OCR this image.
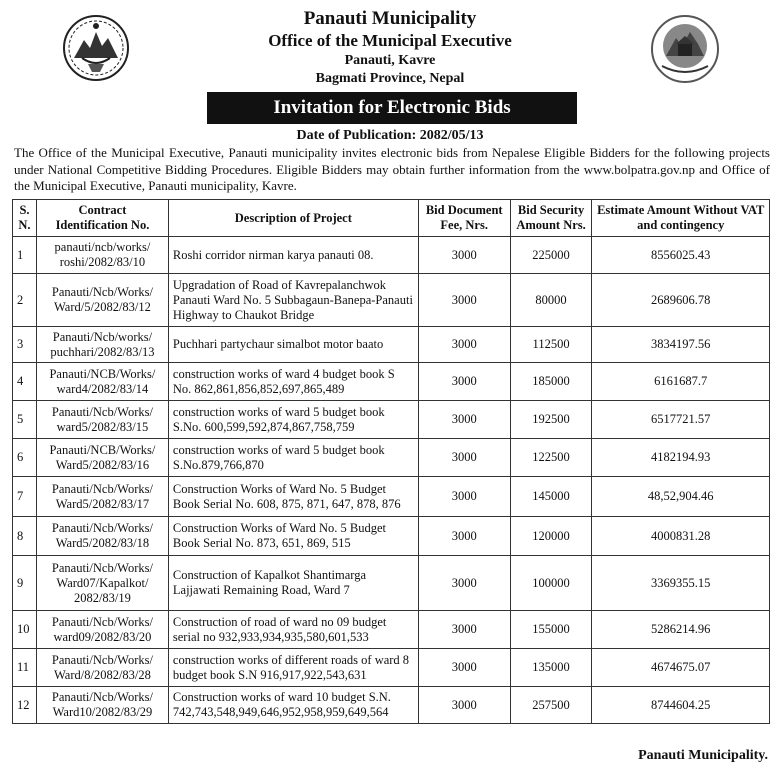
Panauti Municipality
Office of the Municipal Executive
Panauti, Kavre
Bagmati Province, Nepal
Invitation for Electronic Bids
Date of Publication: 2082/05/13
The Office of the Municipal Executive, Panauti municipality invites electronic bids from Nepalese Eligible Bidders for the following projects under National Competitive Bidding Procedures. Eligible Bidders may obtain further information from the www.bolpatra.gov.np and Office of the Municipal Executive, Panauti municipality, Kavre.
S. N.	Contract Identification No.	Description of Project	Bid Document Fee, Nrs.	Bid Security Amount Nrs.	Estimate Amount Without VAT and contingency
1	panauti/ncb/works/ roshi/2082/83/10	Roshi corridor nirman karya panauti 08.	3000	225000	8556025.43
2	Panauti/Ncb/Works/ Ward/5/2082/83/12	Upgradation of Road of Kavrepalanchwok Panauti Ward No. 5 Subbagaun-Banepa-Panauti Highway to Chaukot Bridge	3000	80000	2689606.78
3	Panauti/Ncb/works/ puchhari/2082/83/13	Puchhari partychaur simalbot motor baato	3000	112500	3834197.56
4	Panauti/NCB/Works/ ward4/2082/83/14	construction works of ward 4 budget book S No. 862,861,856,852,697,865,489	3000	185000	6161687.7
5	Panauti/Ncb/Works/ ward5/2082/83/15	construction works of ward 5 budget book S.No. 600,599,592,874,867,758,759	3000	192500	6517721.57
6	Panauti/NCB/Works/ Ward5/2082/83/16	construction works of ward 5 budget book S.No.879,766,870	3000	122500	4182194.93
7	Panauti/Ncb/Works/ Ward5/2082/83/17	Construction Works of Ward No. 5 Budget Book Serial No. 608, 875, 871, 647, 878, 876	3000	145000	48,52,904.46
8	Panauti/Ncb/Works/ Ward5/2082/83/18	Construction Works of Ward No. 5 Budget Book Serial No. 873, 651, 869, 515	3000	120000	4000831.28
9	Panauti/Ncb/Works/ Ward07/Kapalkot/ 2082/83/19	Construction of Kapalkot Shantimarga Lajjawati Remaining Road, Ward 7	3000	100000	3369355.15
10	Panauti/Ncb/Works/ ward09/2082/83/20	Construction of road of ward no 09 budget serial no 932,933,934,935,580,601,533	3000	155000	5286214.96
11	Panauti/Ncb/Works/ Ward/8/2082/83/28	construction works of different roads of ward 8 budget book S.N 916,917,922,543,631	3000	135000	4674675.07
12	Panauti/Ncb/Works/ Ward10/2082/83/29	Construction works of ward 10 budget S.N. 742,743,548,949,646,952,958,959,649,564	3000	257500	8744604.25
Panauti Municipality.
